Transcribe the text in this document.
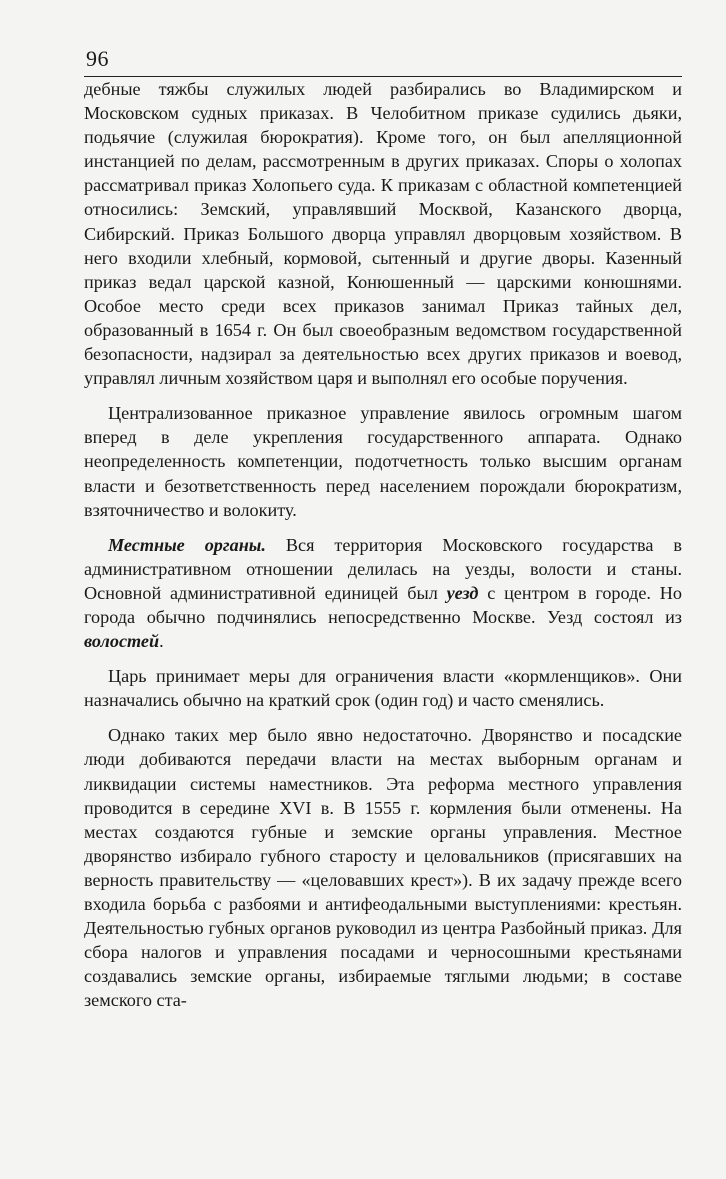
96

дебные тяжбы служилых людей разбирались во Владимирском и Московском судных приказах. В Челобитном приказе судились дьяки, подьячие (служилая бюрократия). Кроме того, он был апелляционной инстанцией по делам, рассмотренным в других приказах. Споры о холопах рассматривал приказ Холопьего суда. К приказам с областной компетенцией относились: Земский, управлявший Москвой, Казанского дворца, Сибирский. Приказ Большого дворца управлял дворцовым хозяйством. В него входили хлебный, кормовой, сытенный и другие дворы. Казенный приказ ведал царской казной, Конюшенный — царскими конюшнями. Особое место среди всех приказов занимал Приказ тайных дел, образованный в 1654 г. Он был своеобразным ведомством государственной безопасности, надзирал за деятельностью всех других приказов и воевод, управлял личным хозяйством царя и выполнял его особые поручения.

Централизованное приказное управление явилось огромным шагом вперед в деле укрепления государственного аппарата. Однако неопределенность компетенции, подотчетность только высшим органам власти и безответственность перед населением порождали бюрократизм, взяточничество и волокиту.

Местные органы. Вся территория Московского государства в административном отношении делилась на уезды, волости и станы. Основной административной единицей был уезд с центром в городе. Но города обычно подчинялись непосредственно Москве. Уезд состоял из волостей.

Царь принимает меры для ограничения власти «кормленщиков». Они назначались обычно на краткий срок (один год) и часто сменялись.

Однако таких мер было явно недостаточно. Дворянство и посадские люди добиваются передачи власти на местах выборным органам и ликвидации системы наместников. Эта реформа местного управления проводится в середине XVI в. В 1555 г. кормления были отменены. На местах создаются губные и земские органы управления. Местное дворянство избирало губного старосту и целовальников (присягавших на верность правительству — «целовавших крест»). В их задачу прежде всего входила борьба с разбоями и антифеодальными выступлениями: крестьян. Деятельностью губных органов руководил из центра Разбойный приказ. Для сбора налогов и управления посадами и черносошными крестьянами создавались земские органы, избираемые тяглыми людьми; в составе земского ста-
